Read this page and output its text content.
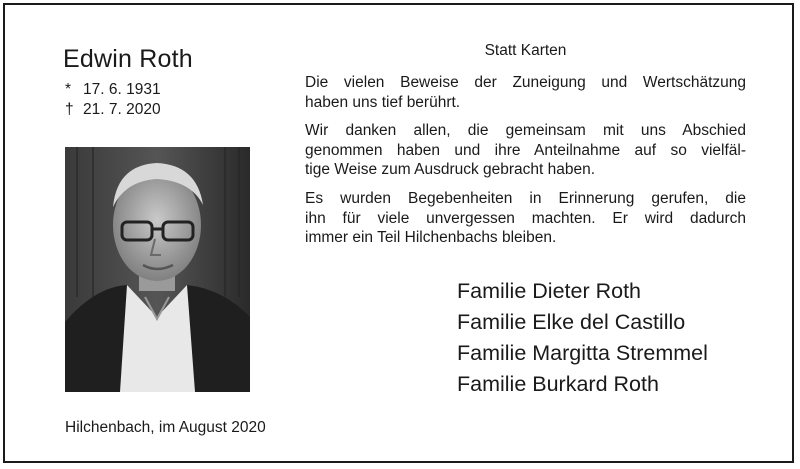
Edwin Roth
* 17. 6. 1931
† 21. 7. 2020
Hilchenbach, im August 2020
Statt Karten
Die vielen Beweise der Zuneigung und Wertschätzung
haben uns tief berührt.
Wir danken allen, die gemeinsam mit uns Abschied
genommen haben und ihre Anteilnahme auf so vielfäl-
tige Weise zum Ausdruck gebracht haben.
Es wurden Begebenheiten in Erinnerung gerufen, die
ihn für viele unvergessen machten. Er wird dadurch
immer ein Teil Hilchenbachs bleiben.
Familie Dieter Roth
Familie Elke del Castillo
Familie Margitta Stremmel
Familie Burkard Roth
